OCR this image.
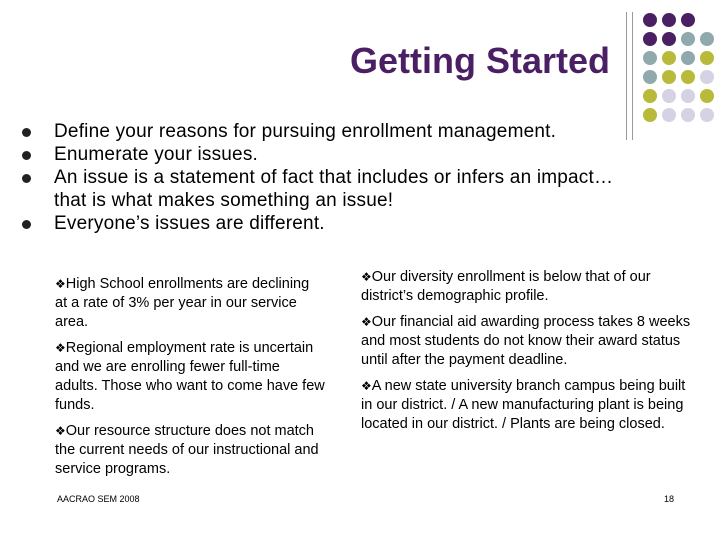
Getting Started
Define your reasons for pursuing enrollment management.
Enumerate your issues.
An issue is a statement of fact that includes or infers an impact…that is what makes something an issue!
Everyone’s issues are different.

❖High School enrollments are declining at a rate of 3% per year in our service area.

❖Regional employment rate is uncertain and we are enrolling fewer full-time adults. Those who want to come have few funds.

❖Our resource structure does not match the current needs of our instructional and service programs.

❖Our diversity enrollment is below that of our district’s demographic profile.

❖Our financial aid awarding process takes 8 weeks and most students do not know their award status until after the payment deadline.

❖A new state university branch campus being built in our district. / A new manufacturing plant is being located in our district. / Plants are being closed.

AACRAO SEM 2008	18
